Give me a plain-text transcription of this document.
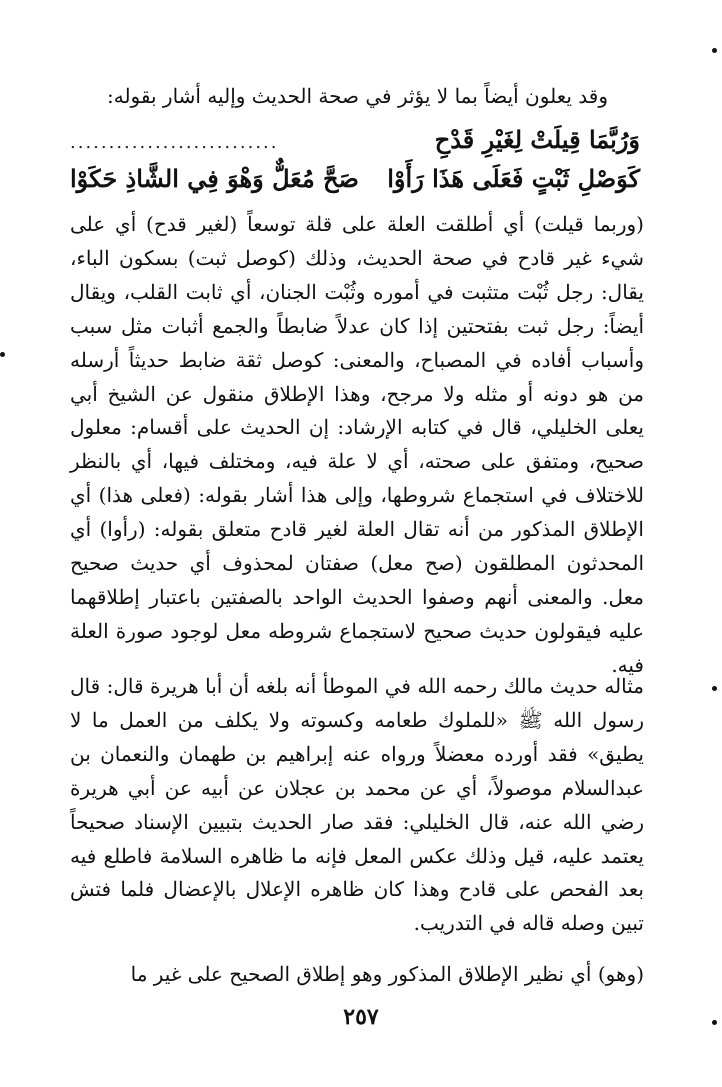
وقد يعلون أيضاً بما لا يؤثر في صحة الحديث وإليه أشار بقوله:
وَرُبَّمَا قِيلَتْ لِغَيْرِ قَدْحِ
...........................
كَوَصْلِ ثَبْتٍ فَعَلَى هَذَا رَأَوْا
صَحَّ مُعَلٌّ وَهْوَ فِي الشَّاذِ حَكَوْا
(وربما قيلت) أي أطلقت العلة على قلة توسعاً (لغير قدح) أي على شيء غير قادح في صحة الحديث، وذلك (كوصل ثبت) بسكون الباء، يقال: رجل ثُبْت متثبت في أموره وثُبْت الجنان، أي ثابت القلب، ويقال أيضاً: رجل ثبت بفتحتين إذا كان عدلاً ضابطاً والجمع أثبات مثل سبب وأسباب أفاده في المصباح، والمعنى: كوصل ثقة ضابط حديثاً أرسله من هو دونه أو مثله ولا مرجح، وهذا الإطلاق منقول عن الشيخ أبي يعلى الخليلي، قال في كتابه الإرشاد: إن الحديث على أقسام: معلول صحيح، ومتفق على صحته، أي لا علة فيه، ومختلف فيها، أي بالنظر للاختلاف في استجماع شروطها، وإلى هذا أشار بقوله: (فعلى هذا) أي الإطلاق المذكور من أنه تقال العلة لغير قادح متعلق بقوله: (رأوا) أي المحدثون المطلقون (صح معل) صفتان لمحذوف أي حديث صحيح معل. والمعنى أنهم وصفوا الحديث الواحد بالصفتين باعتبار إطلاقهما عليه فيقولون حديث صحيح لاستجماع شروطه معل لوجود صورة العلة فيه.
مثاله حديث مالك رحمه الله في الموطأ أنه بلغه أن أبا هريرة قال: قال رسول الله ﷺ «للملوك طعامه وكسوته ولا يكلف من العمل ما لا يطيق» فقد أورده معضلاً ورواه عنه إبراهيم بن طهمان والنعمان بن عبدالسلام موصولاً، أي عن محمد بن عجلان عن أبيه عن أبي هريرة رضي الله عنه، قال الخليلي: فقد صار الحديث بتبيين الإسناد صحيحاً يعتمد عليه، قيل وذلك عكس المعل فإنه ما ظاهره السلامة فاطلع فيه بعد الفحص على قادح وهذا كان ظاهره الإعلال بالإعضال فلما فتش تبين وصله قاله في التدريب.
(وهو) أي نظير الإطلاق المذكور وهو إطلاق الصحيح على غير ما
٢٥٧
